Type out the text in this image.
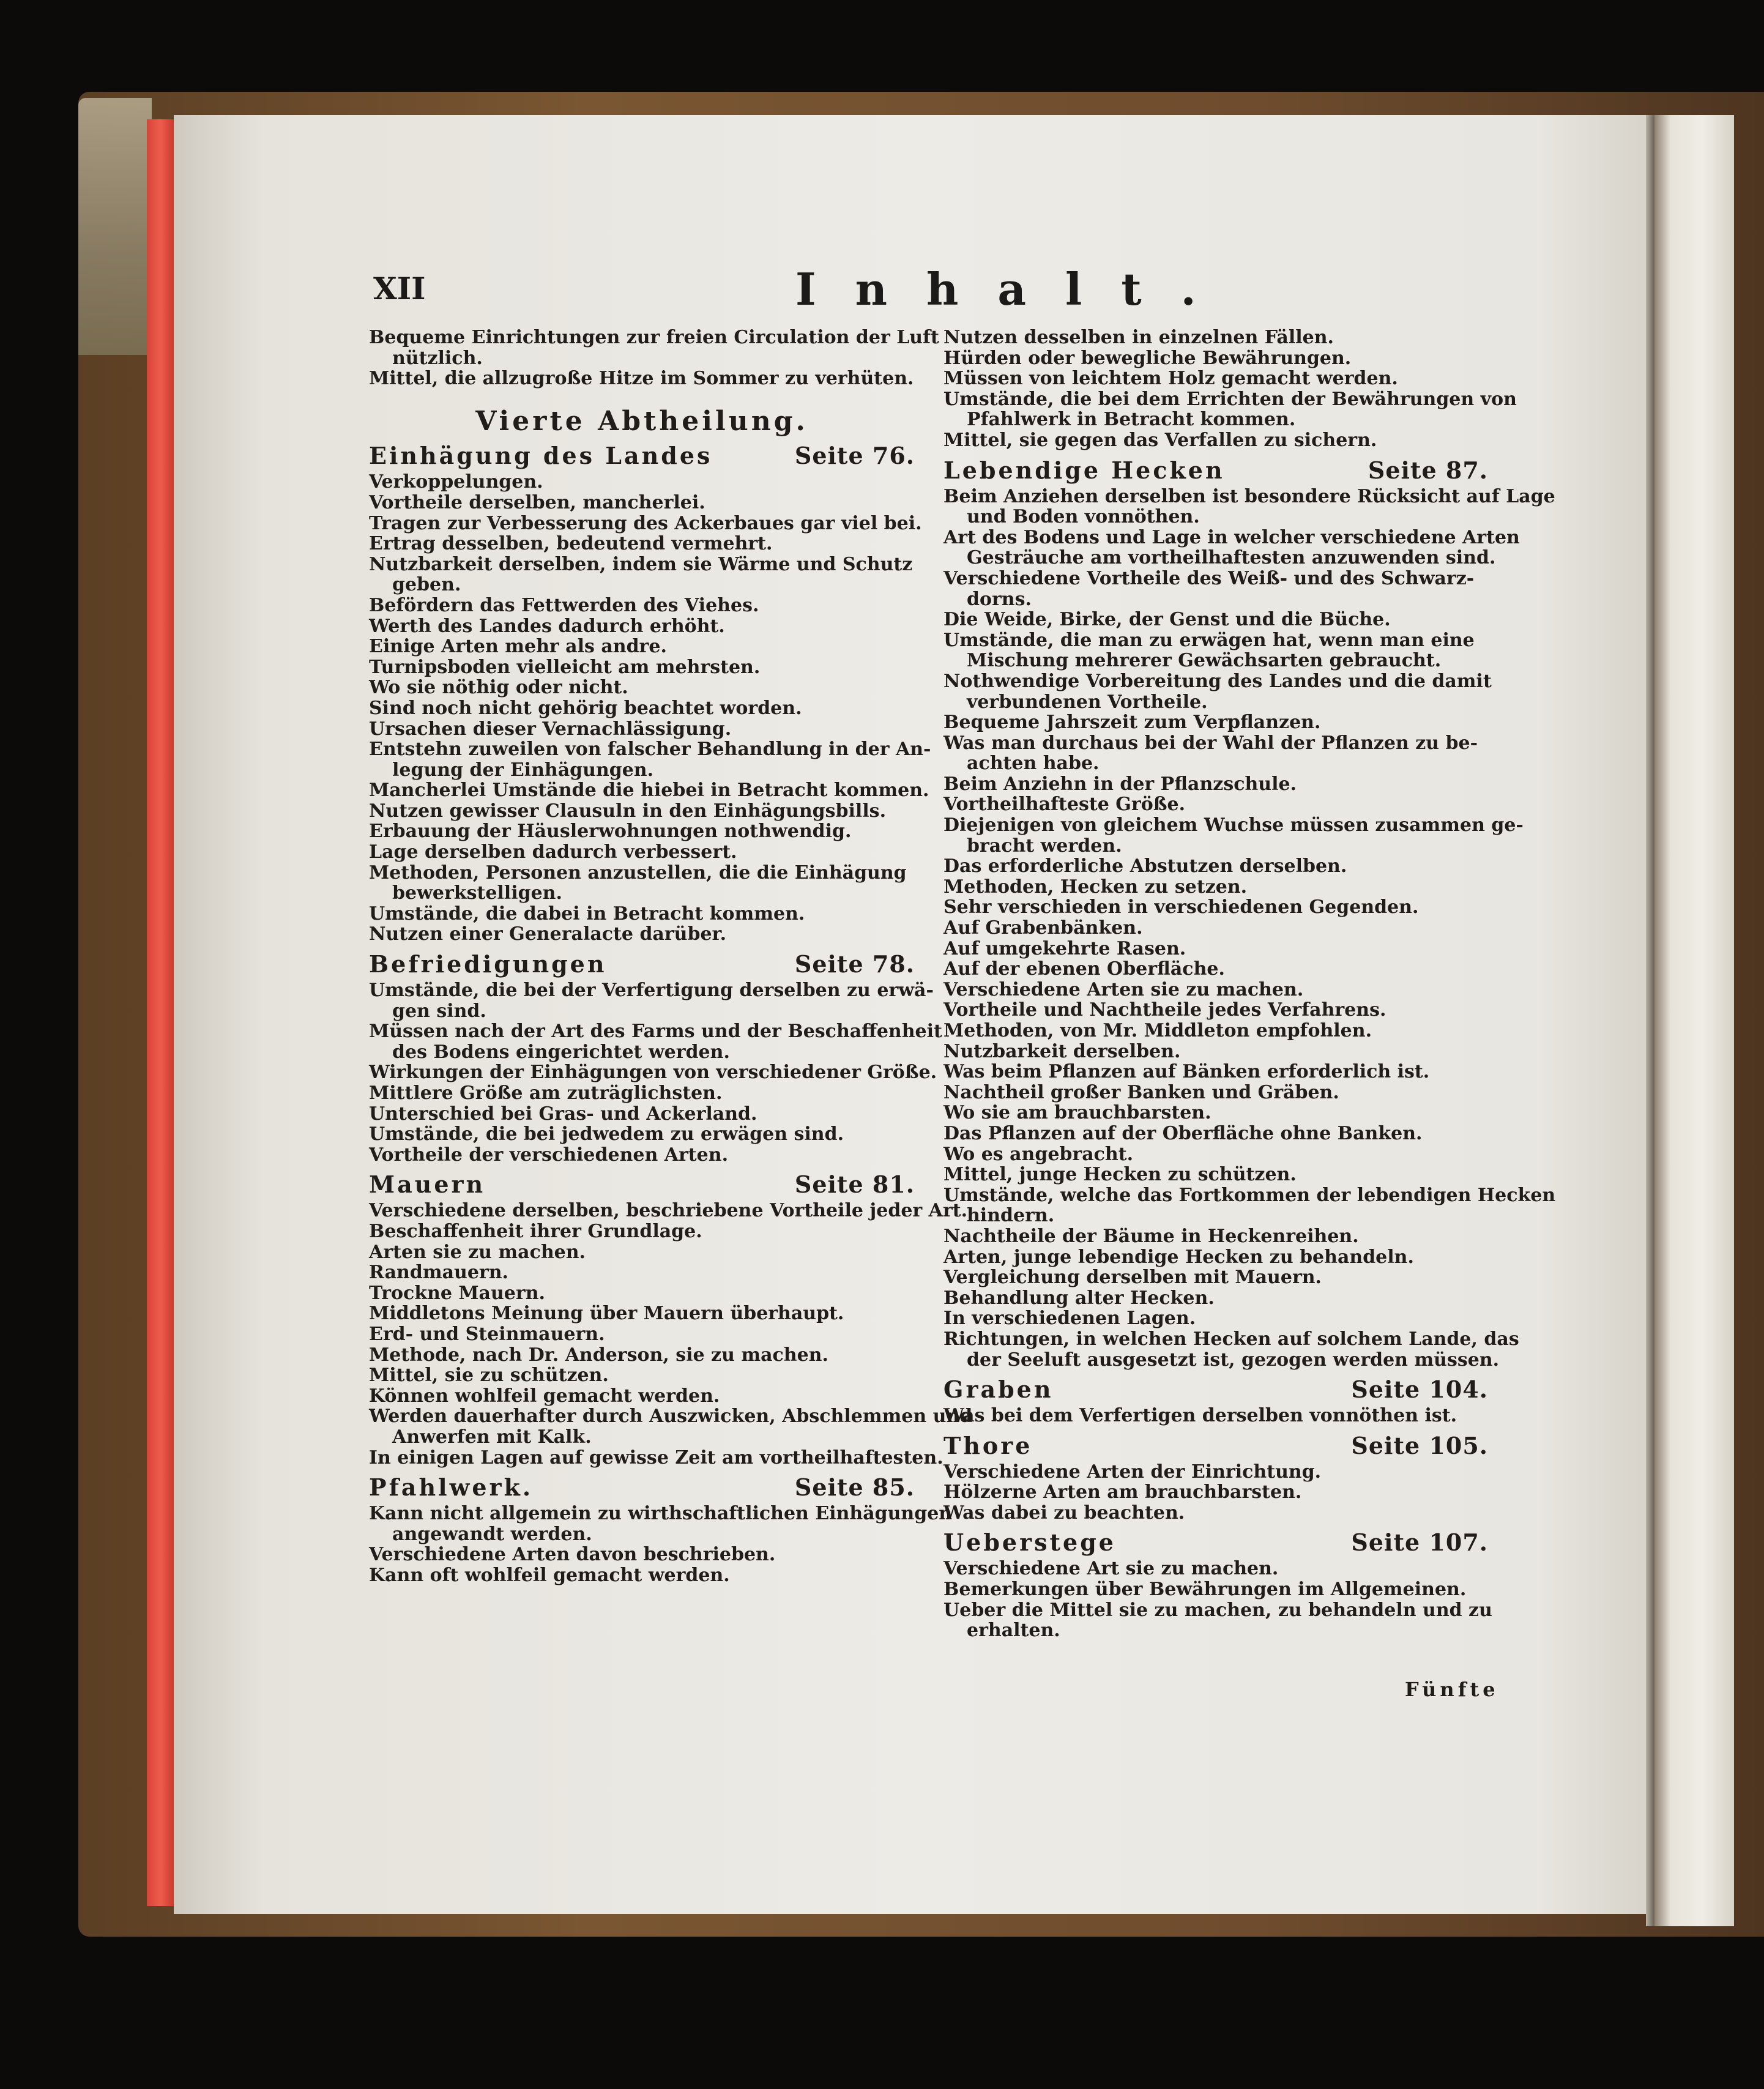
XII	Inhalt.
Bequeme Einrichtungen zur freien Circulation der Luft
nützlich.
Mittel, die allzugroße Hitze im Sommer zu verhüten.
Vierte Abtheilung.
Einhägung des Landes	Seite 76.
Verkoppelungen.
Vortheile derselben, mancherlei.
Tragen zur Verbesserung des Ackerbaues gar viel bei.
Ertrag desselben, bedeutend vermehrt.
Nutzbarkeit derselben, indem sie Wärme und Schutz
geben.
Befördern das Fettwerden des Viehes.
Werth des Landes dadurch erhöht.
Einige Arten mehr als andre.
Turnipsboden vielleicht am mehrsten.
Wo sie nöthig oder nicht.
Sind noch nicht gehörig beachtet worden.
Ursachen dieser Vernachlässigung.
Entstehn zuweilen von falscher Behandlung in der An-
legung der Einhägungen.
Mancherlei Umstände die hiebei in Betracht kommen.
Nutzen gewisser Clausuln in den Einhägungsbills.
Erbauung der Häuslerwohnungen nothwendig.
Lage derselben dadurch verbessert.
Methoden, Personen anzustellen, die die Einhägung
bewerkstelligen.
Umstände, die dabei in Betracht kommen.
Nutzen einer Generalacte darüber.
Befriedigungen	Seite 78.
Umstände, die bei der Verfertigung derselben zu erwä-
gen sind.
Müssen nach der Art des Farms und der Beschaffenheit
des Bodens eingerichtet werden.
Wirkungen der Einhägungen von verschiedener Größe.
Mittlere Größe am zuträglichsten.
Unterschied bei Gras- und Ackerland.
Umstände, die bei jedwedem zu erwägen sind.
Vortheile der verschiedenen Arten.
Mauern	Seite 81.
Verschiedene derselben, beschriebene Vortheile jeder Art.
Beschaffenheit ihrer Grundlage.
Arten sie zu machen.
Randmauern.
Trockne Mauern.
Middletons Meinung über Mauern überhaupt.
Erd- und Steinmauern.
Methode, nach Dr. Anderson, sie zu machen.
Mittel, sie zu schützen.
Können wohlfeil gemacht werden.
Werden dauerhafter durch Auszwicken, Abschlemmen und
Anwerfen mit Kalk.
In einigen Lagen auf gewisse Zeit am vortheilhaftesten.
Pfahlwerk.	Seite 85.
Kann nicht allgemein zu wirthschaftlichen Einhägungen
angewandt werden.
Verschiedene Arten davon beschrieben.
Kann oft wohlfeil gemacht werden.
Nutzen desselben in einzelnen Fällen.
Hürden oder bewegliche Bewährungen.
Müssen von leichtem Holz gemacht werden.
Umstände, die bei dem Errichten der Bewährungen von
Pfahlwerk in Betracht kommen.
Mittel, sie gegen das Verfallen zu sichern.
Lebendige Hecken	Seite 87.
Beim Anziehen derselben ist besondere Rücksicht auf Lage
und Boden vonnöthen.
Art des Bodens und Lage in welcher verschiedene Arten
Gesträuche am vortheilhaftesten anzuwenden sind.
Verschiedene Vortheile des Weiß- und des Schwarz-
dorns.
Die Weide, Birke, der Genst und die Büche.
Umstände, die man zu erwägen hat, wenn man eine
Mischung mehrerer Gewächsarten gebraucht.
Nothwendige Vorbereitung des Landes und die damit
verbundenen Vortheile.
Bequeme Jahrszeit zum Verpflanzen.
Was man durchaus bei der Wahl der Pflanzen zu be-
achten habe.
Beim Anziehn in der Pflanzschule.
Vortheilhafteste Größe.
Diejenigen von gleichem Wuchse müssen zusammen ge-
bracht werden.
Das erforderliche Abstutzen derselben.
Methoden, Hecken zu setzen.
Sehr verschieden in verschiedenen Gegenden.
Auf Grabenbänken.
Auf umgekehrte Rasen.
Auf der ebenen Oberfläche.
Verschiedene Arten sie zu machen.
Vortheile und Nachtheile jedes Verfahrens.
Methoden, von Mr. Middleton empfohlen.
Nutzbarkeit derselben.
Was beim Pflanzen auf Bänken erforderlich ist.
Nachtheil großer Banken und Gräben.
Wo sie am brauchbarsten.
Das Pflanzen auf der Oberfläche ohne Banken.
Wo es angebracht.
Mittel, junge Hecken zu schützen.
Umstände, welche das Fortkommen der lebendigen Hecken
hindern.
Nachtheile der Bäume in Heckenreihen.
Arten, junge lebendige Hecken zu behandeln.
Vergleichung derselben mit Mauern.
Behandlung alter Hecken.
In verschiedenen Lagen.
Richtungen, in welchen Hecken auf solchem Lande, das
der Seeluft ausgesetzt ist, gezogen werden müssen.
Graben	Seite 104.
Was bei dem Verfertigen derselben vonnöthen ist.
Thore	Seite 105.
Verschiedene Arten der Einrichtung.
Hölzerne Arten am brauchbarsten.
Was dabei zu beachten.
Ueberstege	Seite 107.
Verschiedene Art sie zu machen.
Bemerkungen über Bewährungen im Allgemeinen.
Ueber die Mittel sie zu machen, zu behandeln und zu
erhalten.
Fünfte
